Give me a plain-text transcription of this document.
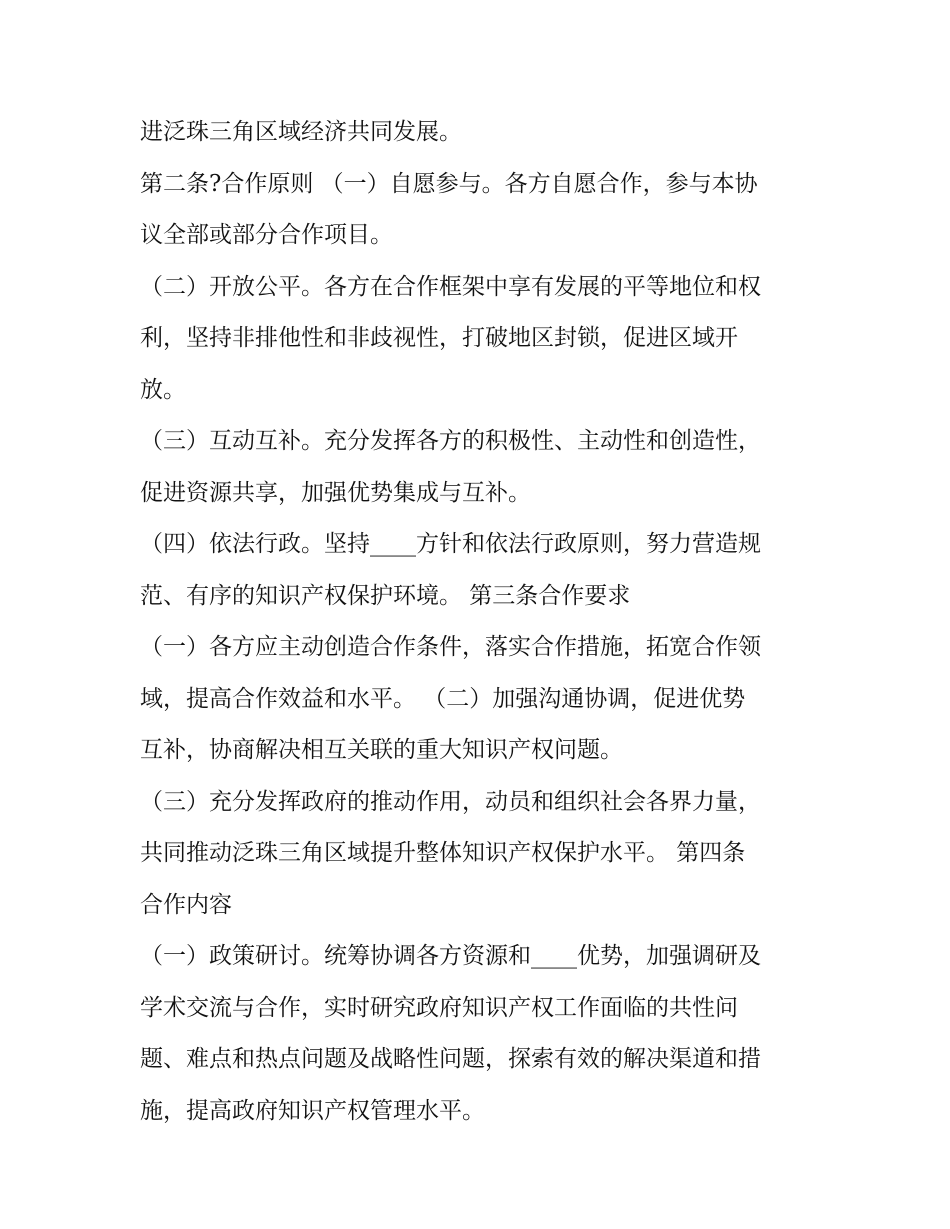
进泛珠三角区域经济共同发展。
第二条?合作原则 （一）自愿参与。各方自愿合作，参与本协
议全部或部分合作项目。
（二）开放公平。各方在合作框架中享有发展的平等地位和权
利，坚持非排他性和非歧视性，打破地区封锁，促进区域开
放。
（三）互动互补。充分发挥各方的积极性、主动性和创造性，
促进资源共享，加强优势集成与互补。
（四）依法行政。坚持____方针和依法行政原则，努力营造规
范、有序的知识产权保护环境。 第三条合作要求
（一）各方应主动创造合作条件，落实合作措施，拓宽合作领
域，提高合作效益和水平。 （二）加强沟通协调，促进优势
互补，协商解决相互关联的重大知识产权问题。
（三）充分发挥政府的推动作用，动员和组织社会各界力量，
共同推动泛珠三角区域提升整体知识产权保护水平。 第四条
合作内容
（一）政策研讨。统筹协调各方资源和____优势，加强调研及
学术交流与合作，实时研究政府知识产权工作面临的共性问
题、难点和热点问题及战略性问题，探索有效的解决渠道和措
施，提高政府知识产权管理水平。
